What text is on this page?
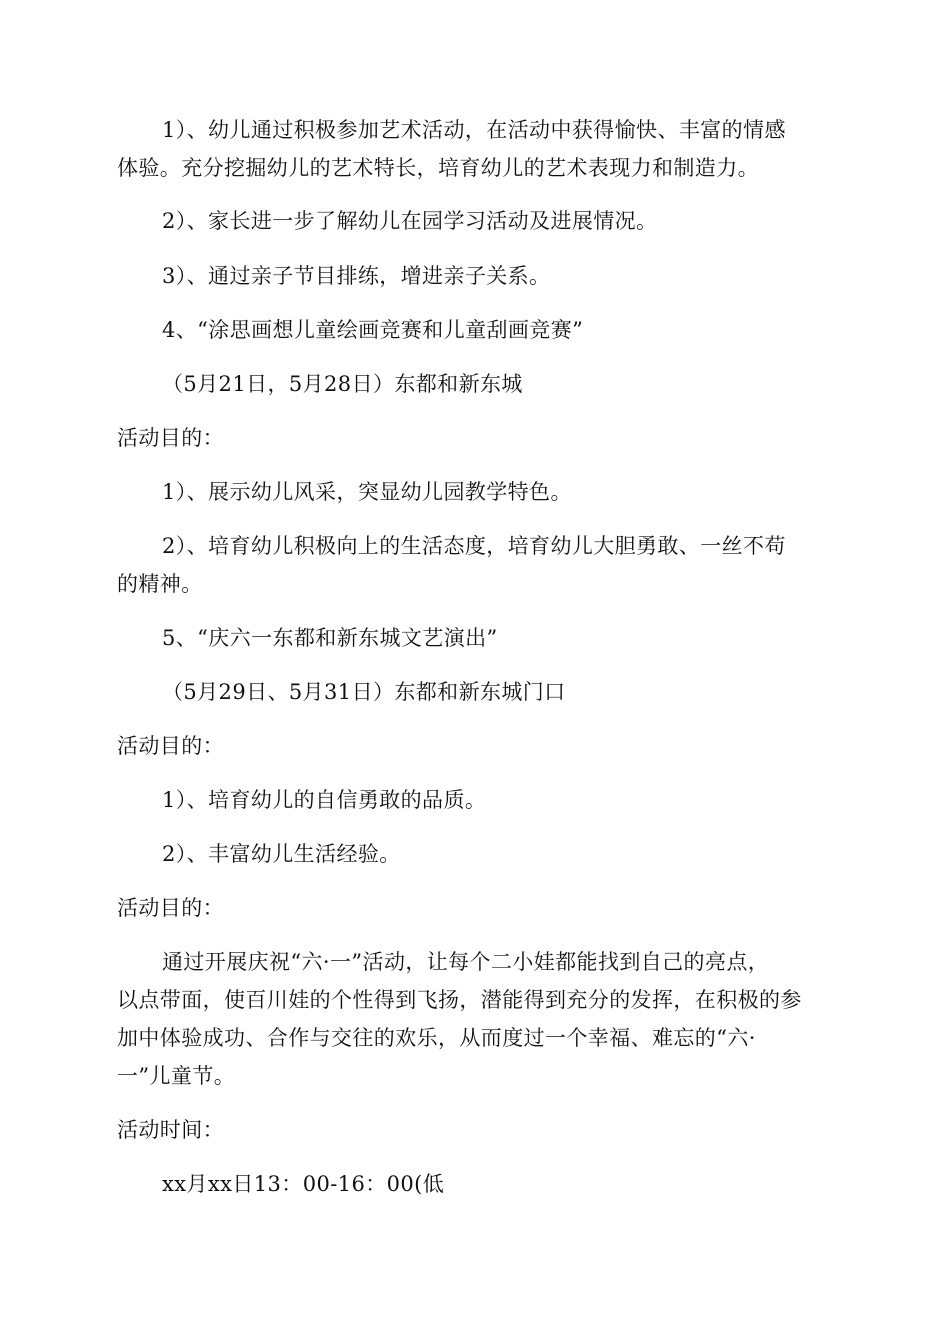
1）、幼儿通过积极参加艺术活动，在活动中获得愉快、丰富的情感
体验。充分挖掘幼儿的艺术特长，培育幼儿的艺术表现力和制造力。
2）、家长进一步了解幼儿在园学习活动及进展情况。
3）、通过亲子节目排练，增进亲子关系。
4、“涂思画想儿童绘画竞赛和儿童刮画竞赛”
（5月21日，5月28日）东都和新东城
活动目的：
1）、展示幼儿风采，突显幼儿园教学特色。
2）、培育幼儿积极向上的生活态度，培育幼儿大胆勇敢、一丝不苟
的精神。
5、“庆六一东都和新东城文艺演出”
（5月29日、5月31日）东都和新东城门口
活动目的：
1）、培育幼儿的自信勇敢的品质。
2）、丰富幼儿生活经验。
活动目的：
通过开展庆祝“六·一”活动，让每个二小娃都能找到自己的亮点，
以点带面，使百川娃的个性得到飞扬，潜能得到充分的发挥，在积极的参
加中体验成功、合作与交往的欢乐，从而度过一个幸福、难忘的“六·
一”儿童节。
活动时间：
xx月xx日13：00-16：00(低
